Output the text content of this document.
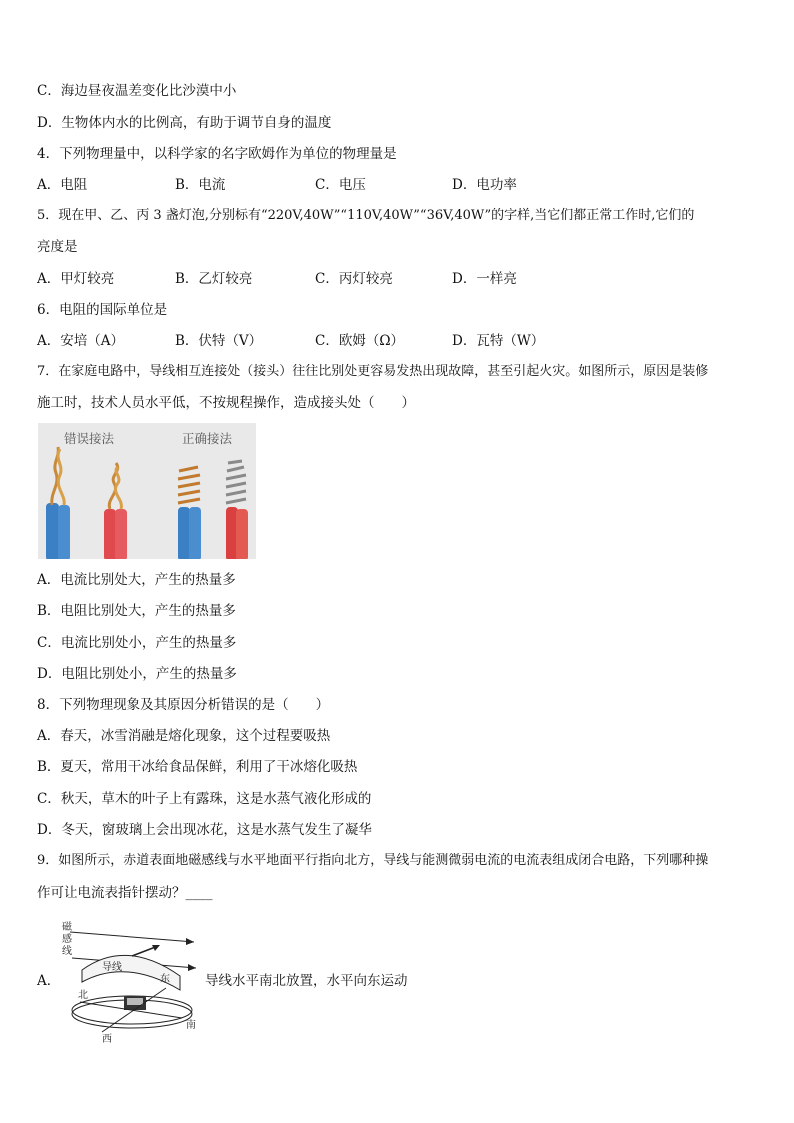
C．海边昼夜温差变化比沙漠中小
D．生物体内水的比例高，有助于调节自身的温度
4．下列物理量中，以科学家的名字欧姆作为单位的物理量是
A．电阻	B．电流	C．电压	D．电功率
5．现在甲、乙、丙 3 盏灯泡,分别标有“220V,40W”“110V,40W”“36V,40W”的字样,当它们都正常工作时,它们的
亮度是
A．甲灯较亮	B．乙灯较亮	C．丙灯较亮	D．一样亮
6．电阻的国际单位是
A．安培（A）	B．伏特（V）	C．欧姆（Ω）	D．瓦特（W）
7．在家庭电路中，导线相互连接处（接头）往往比别处更容易发热出现故障，甚至引起火灾。如图所示，原因是装修
施工时，技术人员水平低，不按规程操作，造成接头处（　　）
错误接法	正确接法
A．电流比别处大，产生的热量多
B．电阻比别处大，产生的热量多
C．电流比别处小，产生的热量多
D．电阻比别处小，产生的热量多
8．下列物理现象及其原因分析错误的是（　　）
A．春天，冰雪消融是熔化现象，这个过程要吸热
B．夏天，常用干冰给食品保鲜，利用了干冰熔化吸热
C．秋天，草木的叶子上有露珠，这是水蒸气液化形成的
D．冬天，窗玻璃上会出现冰花，这是水蒸气发生了凝华
9．如图所示，赤道表面地磁感线与水平地面平行指向北方，导线与能测微弱电流的电流表组成闭合电路，下列哪种操
作可让电流表指针摆动？____
A．
磁
感
线
导线
东
西
北
南
导线水平南北放置，水平向东运动
